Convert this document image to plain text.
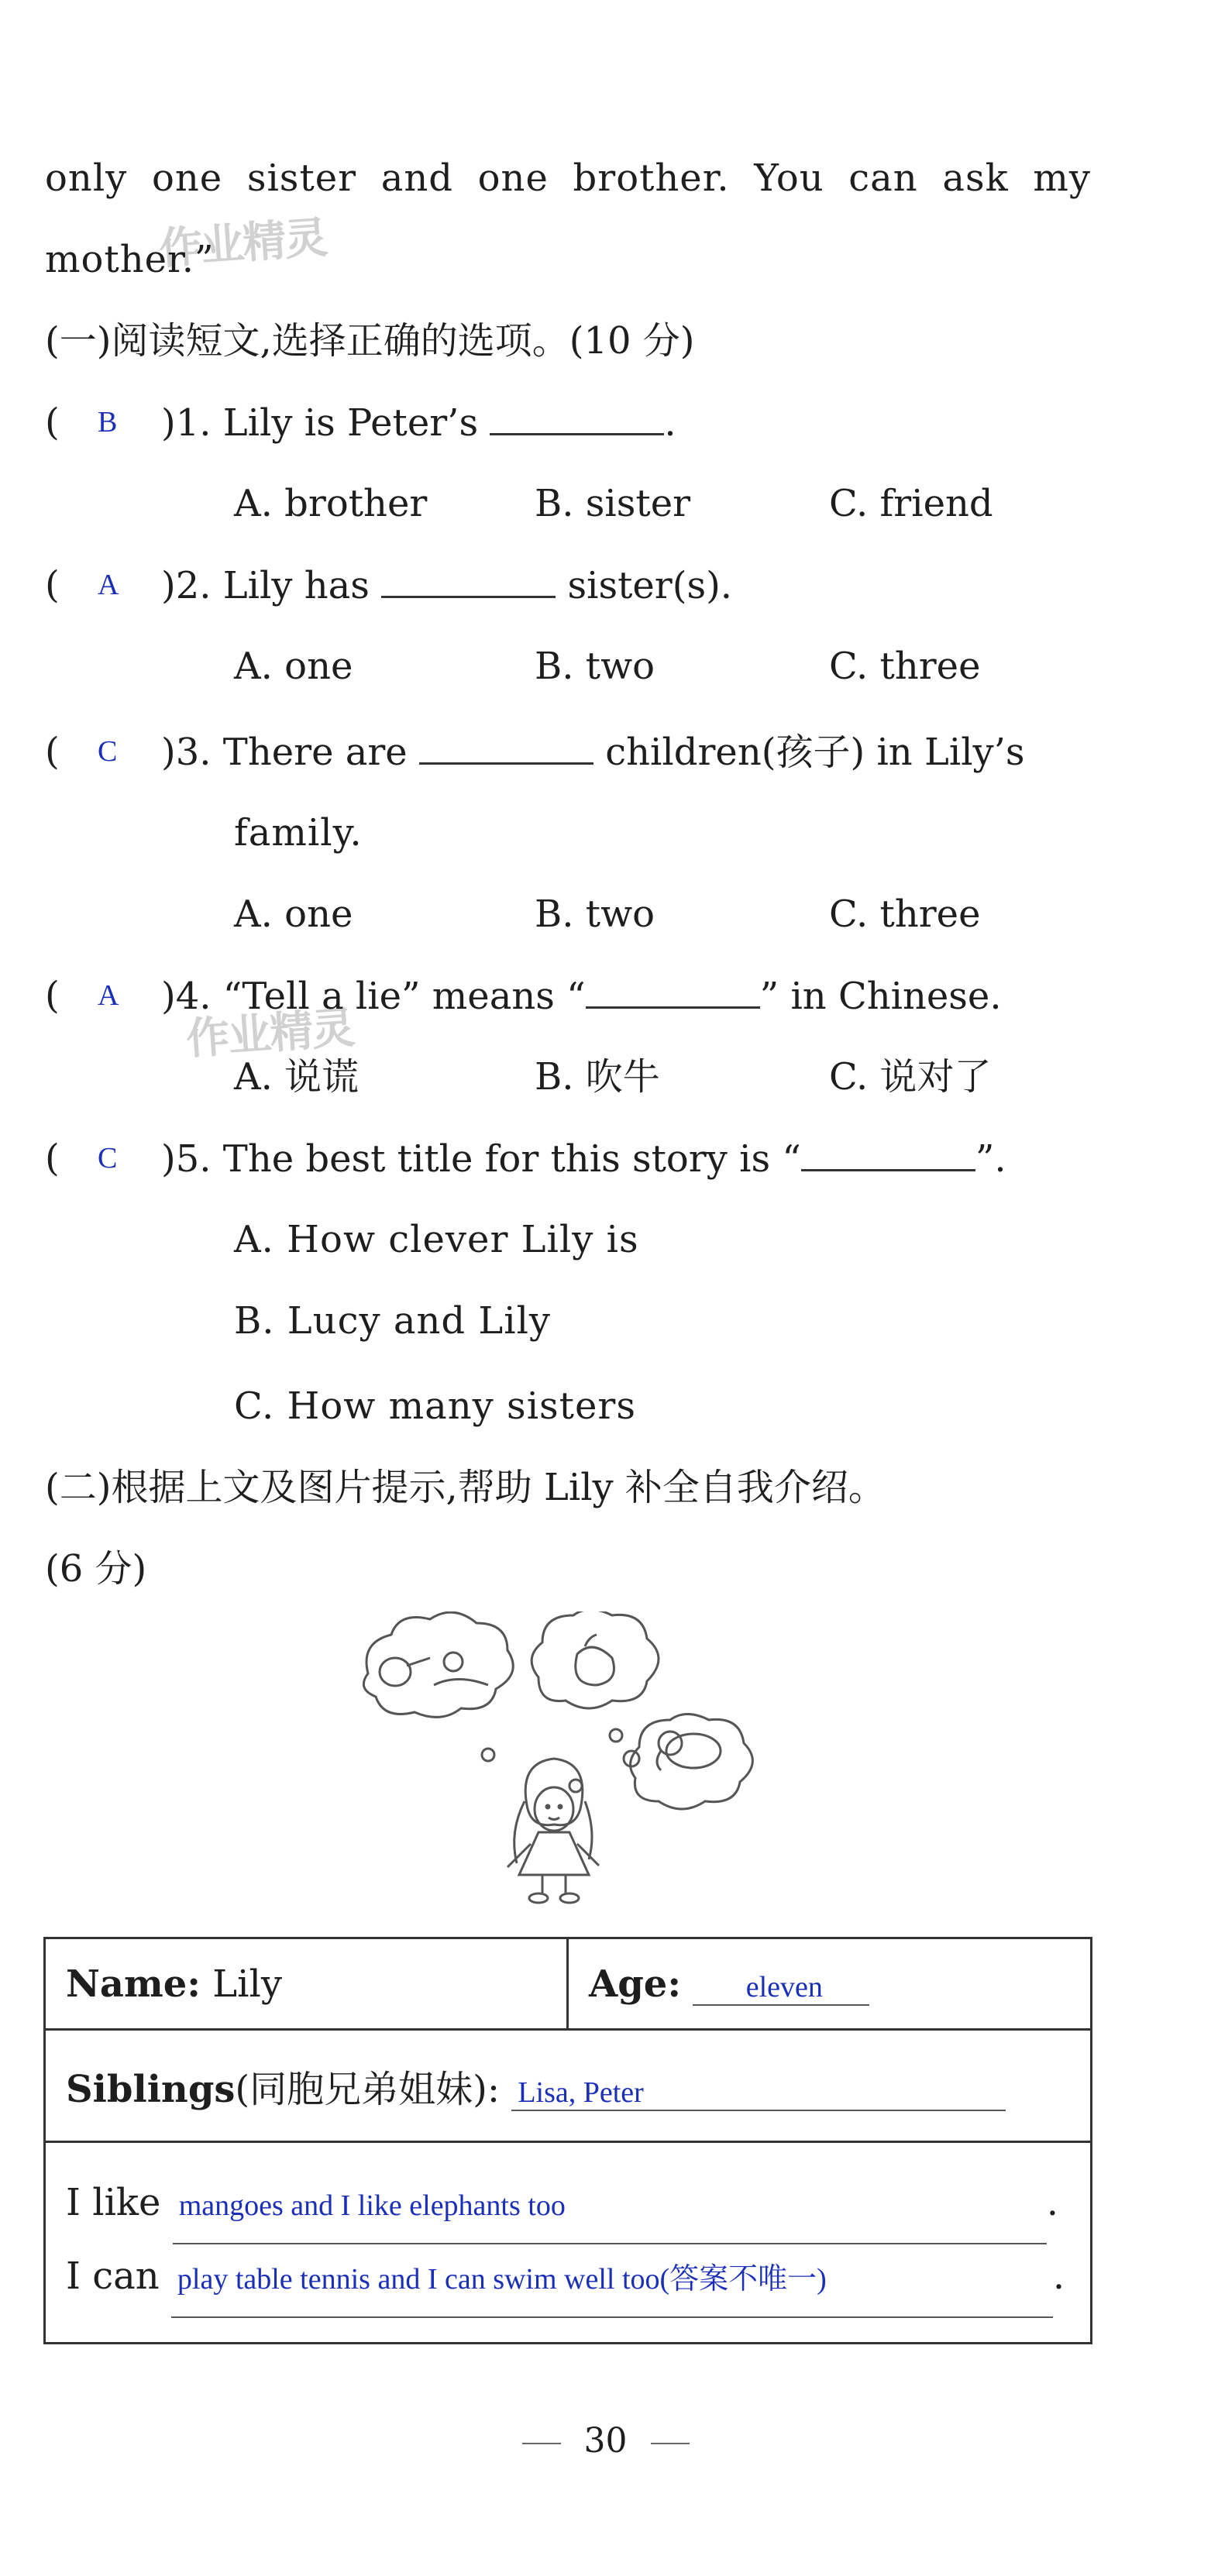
only one sister and one brother. You can ask my
mother.”
作业精灵
(一)阅读短文,选择正确的选项。(10 分)
( B )1. Lily is Peter’s	.
A. brother	B. sister	C. friend
( A )2. Lily has	sister(s).
A. one	B. two	C. three
( C )3. There are	children(孩子) in Lily’s
family.
A. one	B. two	C. three
( A )4. “Tell a lie” means “	” in Chinese.
作业精灵
A. 说谎	B. 吹牛	C. 说对了
( C )5. The best title for this story is “	”.
A. How clever Lily is
B. Lucy and Lily
C. How many sisters
(二)根据上文及图片提示,帮助 Lily 补全自我介绍。
(6 分)
Name: Lily	Age: eleven
Siblings(同胞兄弟姐妹): Lisa, Peter

I like mangoes and I like elephants too	.
I can play table tennis and I can swim well too(答案不唯一)	.
30
